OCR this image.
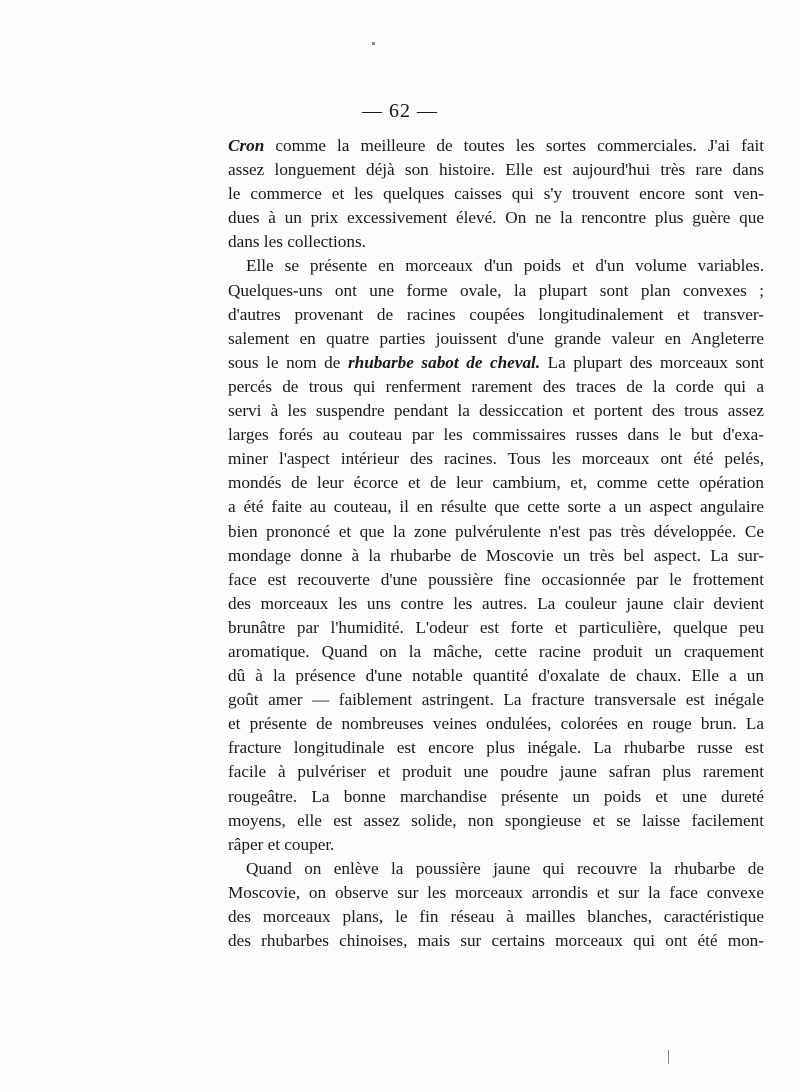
— 62 —
Cron comme la meilleure de toutes les sortes commerciales. J'ai fait
assez longuement déjà son histoire. Elle est aujourd'hui très rare dans
le commerce et les quelques caisses qui s'y trouvent encore sont ven-
dues à un prix excessivement élevé. On ne la rencontre plus guère que
dans les collections.
Elle se présente en morceaux d'un poids et d'un volume variables.
Quelques-uns ont une forme ovale, la plupart sont plan convexes ;
d'autres provenant de racines coupées longitudinalement et transver-
salement en quatre parties jouissent d'une grande valeur en Angleterre
sous le nom de rhubarbe sabot de cheval. La plupart des morceaux sont
percés de trous qui renferment rarement des traces de la corde qui a
servi à les suspendre pendant la dessiccation et portent des trous assez
larges forés au couteau par les commissaires russes dans le but d'exa-
miner l'aspect intérieur des racines. Tous les morceaux ont été pelés,
mondés de leur écorce et de leur cambium, et, comme cette opération
a été faite au couteau, il en résulte que cette sorte a un aspect angulaire
bien prononcé et que la zone pulvérulente n'est pas très développée. Ce
mondage donne à la rhubarbe de Moscovie un très bel aspect. La sur-
face est recouverte d'une poussière fine occasionnée par le frottement
des morceaux les uns contre les autres. La couleur jaune clair devient
brunâtre par l'humidité. L'odeur est forte et particulière, quelque peu
aromatique. Quand on la mâche, cette racine produit un craquement
dû à la présence d'une notable quantité d'oxalate de chaux. Elle a un
goût amer — faiblement astringent. La fracture transversale est inégale
et présente de nombreuses veines ondulées, colorées en rouge brun. La
fracture longitudinale est encore plus inégale. La rhubarbe russe est
facile à pulvériser et produit une poudre jaune safran plus rarement
rougeâtre. La bonne marchandise présente un poids et une dureté
moyens, elle est assez solide, non spongieuse et se laisse facilement
râper et couper.
Quand on enlève la poussière jaune qui recouvre la rhubarbe de
Moscovie, on observe sur les morceaux arrondis et sur la face convexe
des morceaux plans, le fin réseau à mailles blanches, caractéristique
des rhubarbes chinoises, mais sur certains morceaux qui ont été mon-
